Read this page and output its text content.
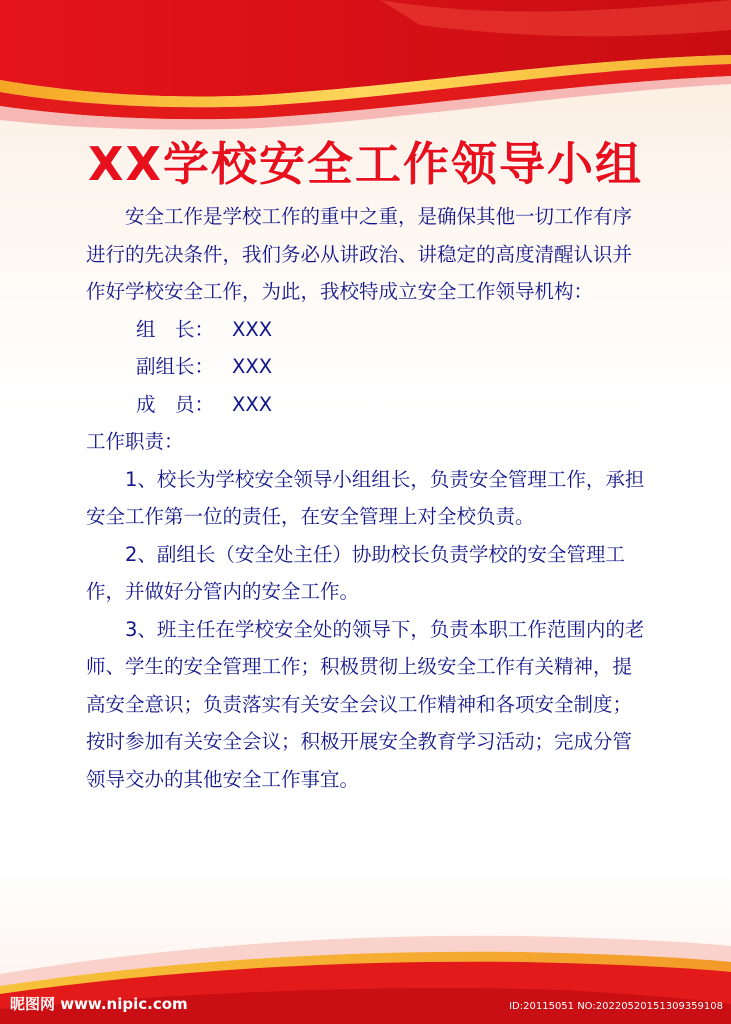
XX学校安全工作领导小组

安全工作是学校工作的重中之重，是确保其他一切工作有序进行的先决条件，我们务必从讲政治、讲稳定的高度清醒认识并作好学校安全工作，为此，我校特成立安全工作领导机构：

组　长： XXX

副组长： XXX

成　员： XXX

工作职责：

1、校长为学校安全领导小组组长，负责安全管理工作，承担安全工作第一位的责任，在安全管理上对全校负责。

2、副组长（安全处主任）协助校长负责学校的安全管理工作，并做好分管内的安全工作。

3、班主任在学校安全处的领导下，负责本职工作范围内的老师、学生的安全管理工作；积极贯彻上级安全工作有关精神，提高安全意识；负责落实有关安全会议工作精神和各项安全制度；按时参加有关安全会议；积极开展安全教育学习活动；完成分管领导交办的其他安全工作事宜。

昵图网 www.nipic.com	ID:20115051 NO:20220520151309359108
